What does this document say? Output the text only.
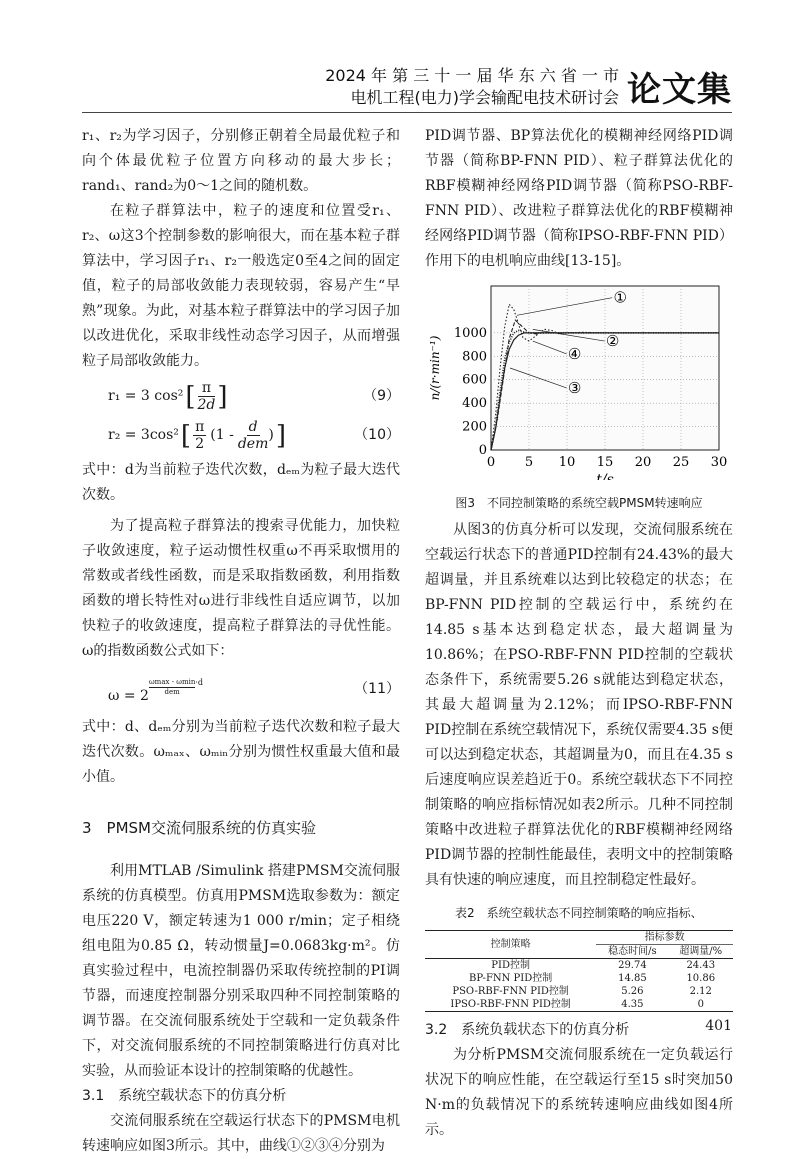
2024 年 第 三 十 一 届 华 东 六 省 一 市
电机工程(电力)学会输配电技术研讨会 论文集

r₁、r₂为学习因子，分别修正朝着全局最优粒子和向个体最优粒子位置方向移动的最大步长；rand₁、rand₂为0～1之间的随机数。

在粒子群算法中，粒子的速度和位置受r₁、r₂、ω这3个控制参数的影响很大，而在基本粒子群算法中，学习因子r₁、r₂一般选定0至4之间的固定值，粒子的局部收敛能力表现较弱，容易产生“早熟”现象。为此，对基本粒子群算法中的学习因子加以改进优化，采取非线性动态学习因子，从而增强粒子局部收敛能力。

r₁ = 3 cos² [ $\frac{\pi}{2d}$ ]	（9）
r₂ = 3cos² [ $\frac{\pi}{2} (1$ - d
dem
) ]	（10）

式中：d为当前粒子迭代次数，dₑₘ为粒子最大迭代次数。

为了提高粒子群算法的搜索寻优能力，加快粒子收敛速度，粒子运动惯性权重ω不再采取惯用的常数或者线性函数，而是采取指数函数，利用指数函数的增长特性对ω进行非线性自适应调节，以加快粒子的收敛速度，提高粒子群算法的寻优性能。ω的指数函数公式如下：

ω = 2
ωmax - ωmin
dem
·d	（11）

式中：d、dₑₘ分别为当前粒子迭代次数和粒子最大迭代次数。ωₘₐₓ、ωₘᵢₙ分别为惯性权重最大值和最小值。

3　PMSM交流伺服系统的仿真实验

利用MTLAB /Simulink 搭建PMSM交流伺服系统的仿真模型。仿真用PMSM选取参数为：额定电压220 V，额定转速为1 000 r/min；定子相绕组电阻为0.85 Ω，转动惯量J=0.0683kg·m²。仿真实验过程中，电流控制器仍采取传统控制的PI调节器，而速度控制器分别采取四种不同控制策略的调节器。在交流伺服系统处于空载和一定负载条件下，对交流伺服系统的不同控制策略进行仿真对比实验，从而验证本设计的控制策略的优越性。

3.1　系统空载状态下的仿真分析

交流伺服系统在空载运行状态下的PMSM电机转速响应如图3所示。其中，曲线①②③④分别为

PID调节器、BP算法优化的模糊神经网络PID调节器（简称BP-FNN PID）、粒子群算法优化的RBF模糊神经网络PID调节器（简称PSO-RBF-FNN PID）、改进粒子群算法优化的RBF模糊神经网络PID调节器（简称IPSO-RBF-FNN PID）作用下的电机响应曲线[13-15]。

0 5 10 15 20 25 30
0
200
400
600
800
1000
t/s
n/(r·min⁻¹)
①
②
③
④
图3　不同控制策略的系统空载PMSM转速响应

从图3的仿真分析可以发现，交流伺服系统在空载运行状态下的普通PID控制有24.43%的最大超调量，并且系统难以达到比较稳定的状态；在BP-FNN PID控制的空载运行中，系统约在14.85 s基本达到稳定状态，最大超调量为10.86%；在PSO-RBF-FNN PID控制的空载状态条件下，系统需要5.26 s就能达到稳定状态，其最大超调量为2.12%；而IPSO-RBF-FNN PID控制在系统空载情况下，系统仅需要4.35 s便可以达到稳定状态，其超调量为0，而且在4.35 s后速度响应误差趋近于0。系统空载状态下不同控制策略的响应指标情况如表2所示。几种不同控制策略中改进粒子群算法优化的RBF模糊神经网络PID调节器的控制性能最佳，表明文中的控制策略具有快速的响应速度，而且控制稳定性最好。

表2　系统空载状态不同控制策略的响应指标、
控制策略	指标参数	
	稳态时间/s	超调量/%
PID控制	29.74	24.43
BP-FNN PID控制	14.85	10.86
PSO-RBF-FNN PID控制	5.26	2.12
IPSO-RBF-FNN PID控制	4.35	0
3.2　系统负载状态下的仿真分析

为分析PMSM交流伺服系统在一定负载运行状况下的响应性能，在空载运行至15 s时突加50 N·m的负载情况下的系统转速响应曲线如图4所示。

401
